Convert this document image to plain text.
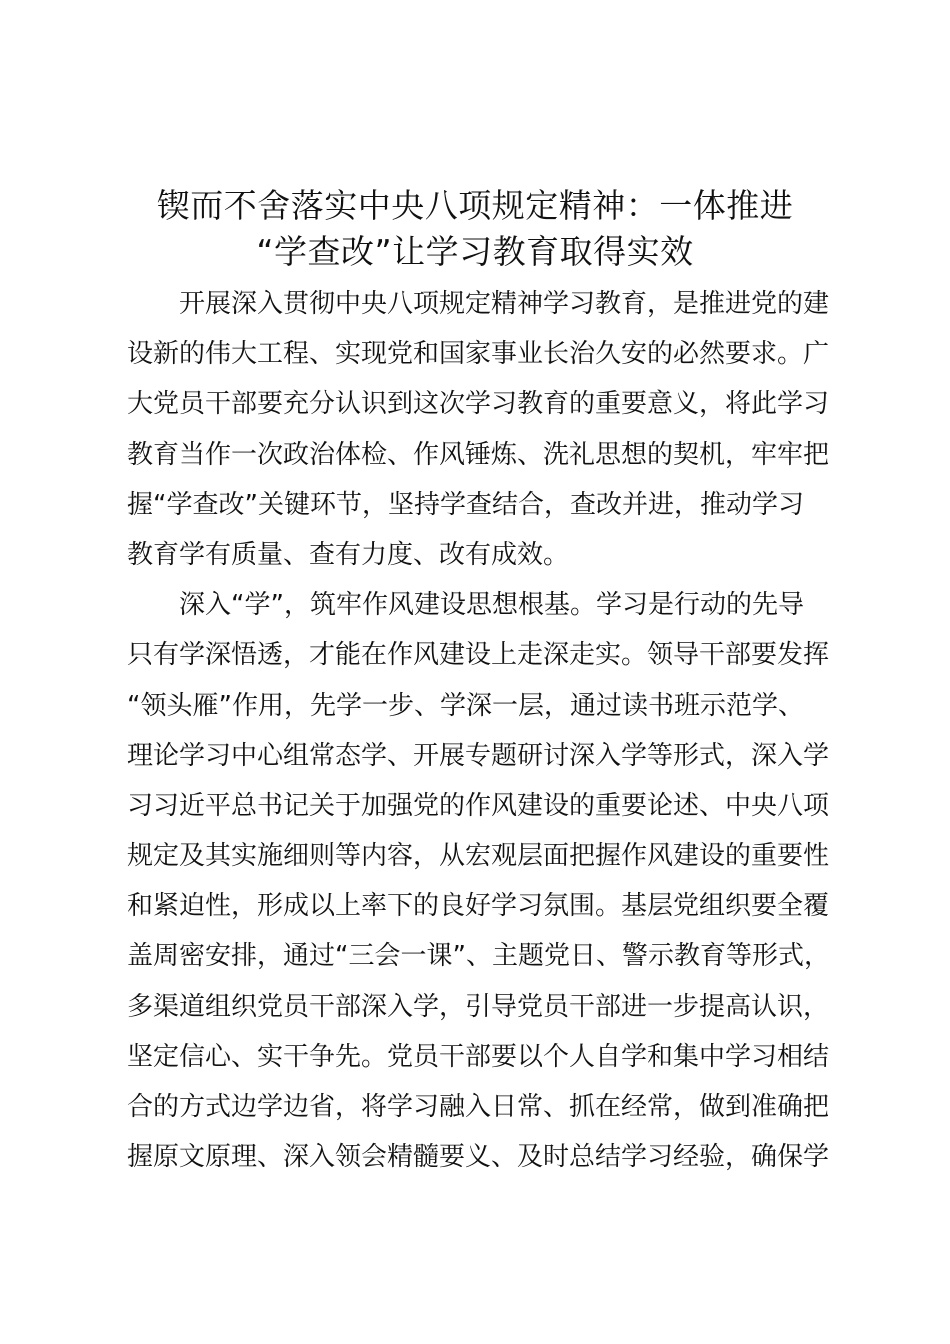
锲而不舍落实中央八项规定精神：一体推进
“学查改”让学习教育取得实效
开展深入贯彻中央八项规定精神学习教育，是推进党的建
设新的伟大工程、实现党和国家事业长治久安的必然要求。广
大党员干部要充分认识到这次学习教育的重要意义，将此学习
教育当作一次政治体检、作风锤炼、洗礼思想的契机，牢牢把
握“学查改”关键环节，坚持学查结合，查改并进，推动学习
教育学有质量、查有力度、改有成效。
深入“学”，筑牢作风建设思想根基。学习是行动的先导
只有学深悟透，才能在作风建设上走深走实。领导干部要发挥
“领头雁”作用，先学一步、学深一层，通过读书班示范学、
理论学习中心组常态学、开展专题研讨深入学等形式，深入学
习习近平总书记关于加强党的作风建设的重要论述、中央八项
规定及其实施细则等内容，从宏观层面把握作风建设的重要性
和紧迫性，形成以上率下的良好学习氛围。基层党组织要全覆
盖周密安排，通过“三会一课”、主题党日、警示教育等形式，
多渠道组织党员干部深入学，引导党员干部进一步提高认识，
坚定信心、实干争先。党员干部要以个人自学和集中学习相结
合的方式边学边省，将学习融入日常、抓在经常，做到准确把
握原文原理、深入领会精髓要义、及时总结学习经验，确保学
